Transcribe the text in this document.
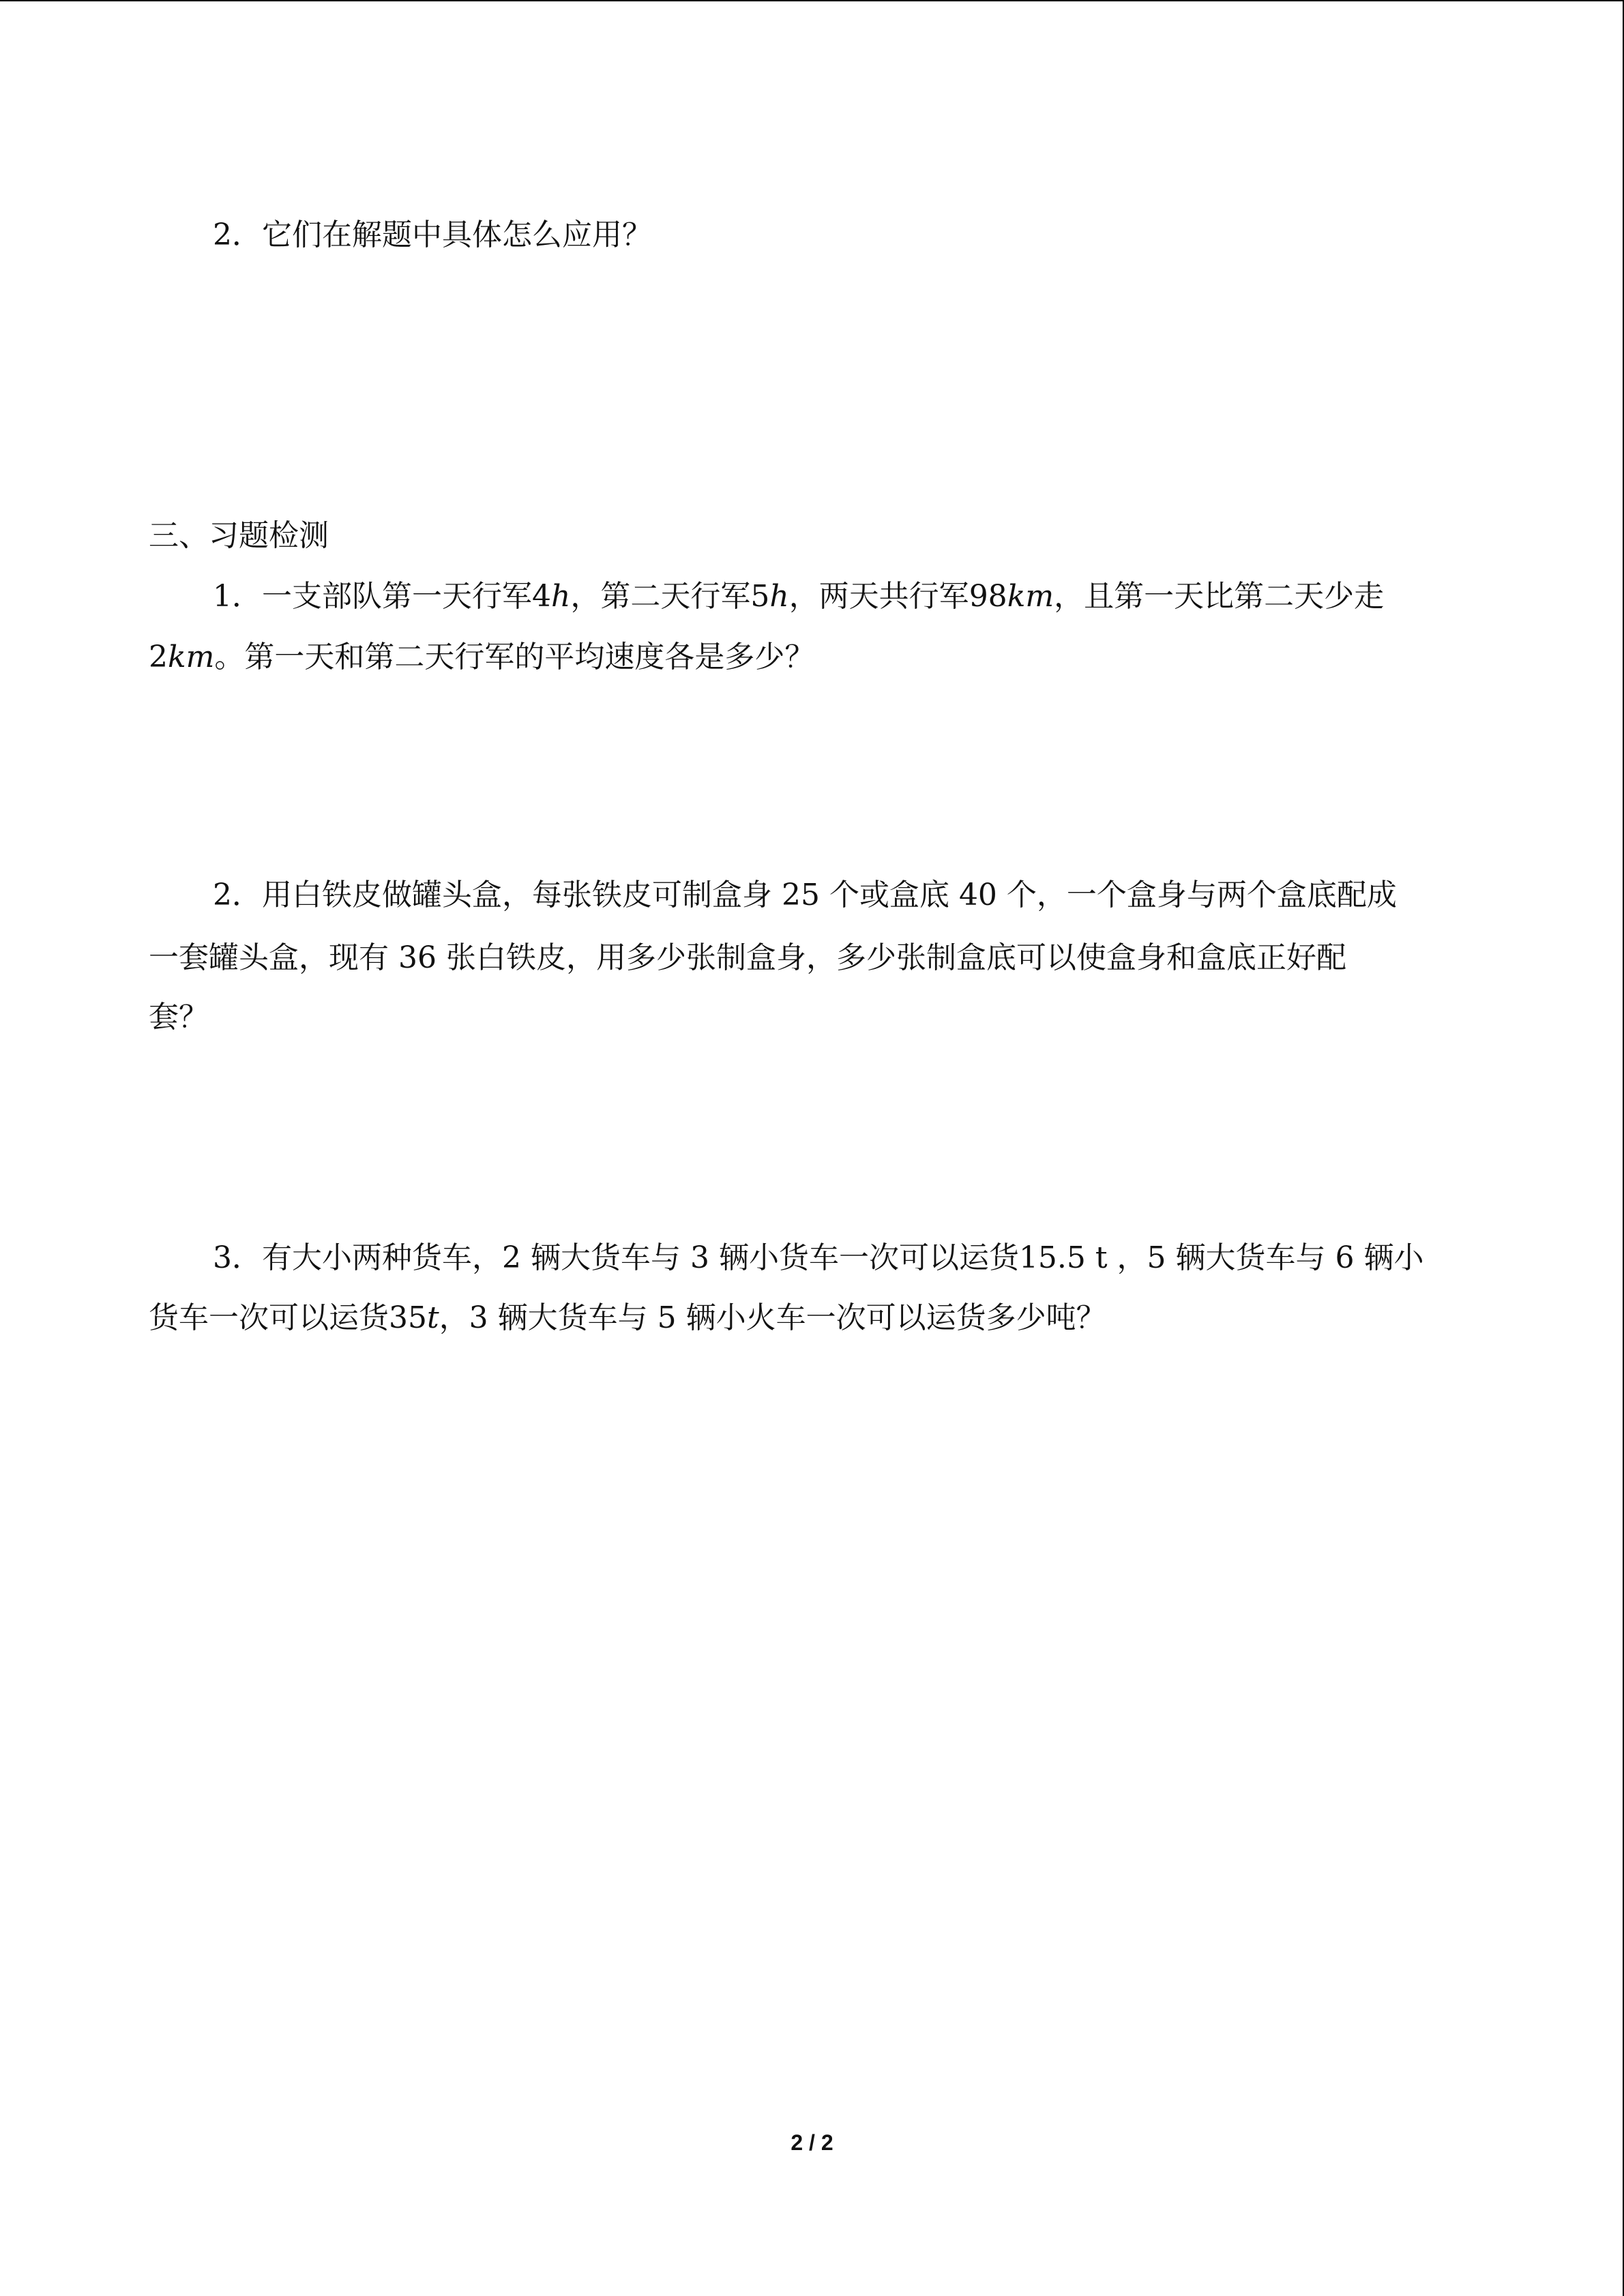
2．它们在解题中具体怎么应用？
三、习题检测
1．一支部队第一天行军4h，第二天行军5h，两天共行军98km，且第一天比第二天少走
2km。第一天和第二天行军的平均速度各是多少？
2．用白铁皮做罐头盒，每张铁皮可制盒身 25 个或盒底 40 个，一个盒身与两个盒底配成
一套罐头盒，现有 36 张白铁皮，用多少张制盒身，多少张制盒底可以使盒身和盒底正好配
套？
3．有大小两种货车，2 辆大货车与 3 辆小货车一次可以运货15.5 t ，5 辆大货车与 6 辆小
货车一次可以运货35t，3 辆大货车与 5 辆小火车一次可以运货多少吨？
2 / 2
